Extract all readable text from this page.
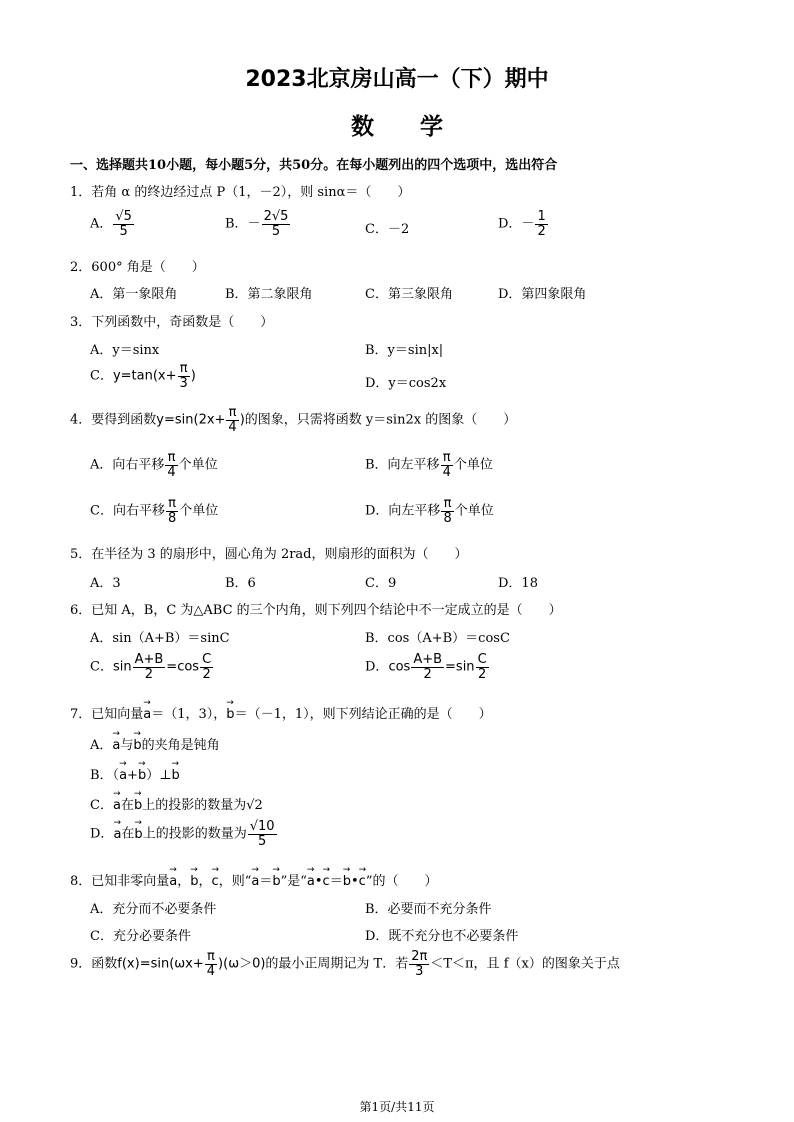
2023北京房山高一（下）期中
数　　学
一、选择题共10小题，每小题5分，共50分。在每小题列出的四个选项中，选出符合
1．若角 α 的终边经过点 P（1，－2），则 sinα＝（　　）
A． $\frac{√5}{5}$	B．－ $\frac{2√5}{5}$	C．－2	D．－ $\frac{1}{2}$
2．600° 角是（　　）
A．第一象限角	B．第二象限角	C．第三象限角	D．第四象限角
3．下列函数中，奇函数是（　　）
A．y＝sinx	B．y＝sin|x|
C．$y=\tan(x+ \frac{\pi}{3}$ )	D．y＝cos2x
4．要得到函数$y=\sin(2x+ \frac{\pi}{4}$ )的图象，只需将函数 y＝sin2x 的图象（　　）
A．向右平移 $\frac{\pi}{4}$ 个单位	B．向左平移 $\frac{\pi}{4}$ 个单位
C．向右平移 $\frac{\pi}{8}$ 个单位	D．向左平移 $\frac{\pi}{8}$ 个单位
5．在半径为 3 的扇形中，圆心角为 2rad，则扇形的面积为（　　）
A．3	B．6	C．9	D．18
6．已知 A，B，C 为△ABC 的三个内角，则下列四个结论中不一定成立的是（　　）
A．sin（A+B）＝sinC	B．cos（A+B）＝cosC
C．$\sin \frac{A+B}{2} =\cos \frac{C}{2}$	D．$\cos \frac{A+B}{2} =\sin \frac{C}{2}$
7．已知向量→ a＝（1，3），→ b＝（－1，1），则下列结论正确的是（　　）
A．→ a与→ b的夹角是钝角
B．（→ a+→ b）⊥→ b
C．→ a在→ b上的投影的数量为√2
D．→ a在→ b上的投影的数量为 $\frac{√10}{5}$
8．已知非零向量→ a，→ b，→ c，则“→ a＝→ b”是“→ a•→ c＝→ b•→ c”的（　　）
A．充分而不必要条件	B．必要而不充分条件
C．充分必要条件	D．既不充分也不必要条件
9．函数$f(x)=\sin(\omega x+ \frac{\pi}{4} )(\omega>0)$的最小正周期记为 T．若 $\frac{2\pi}{3} <T<\pi$，且 f（x）的图象关于点
第1页/共11页
